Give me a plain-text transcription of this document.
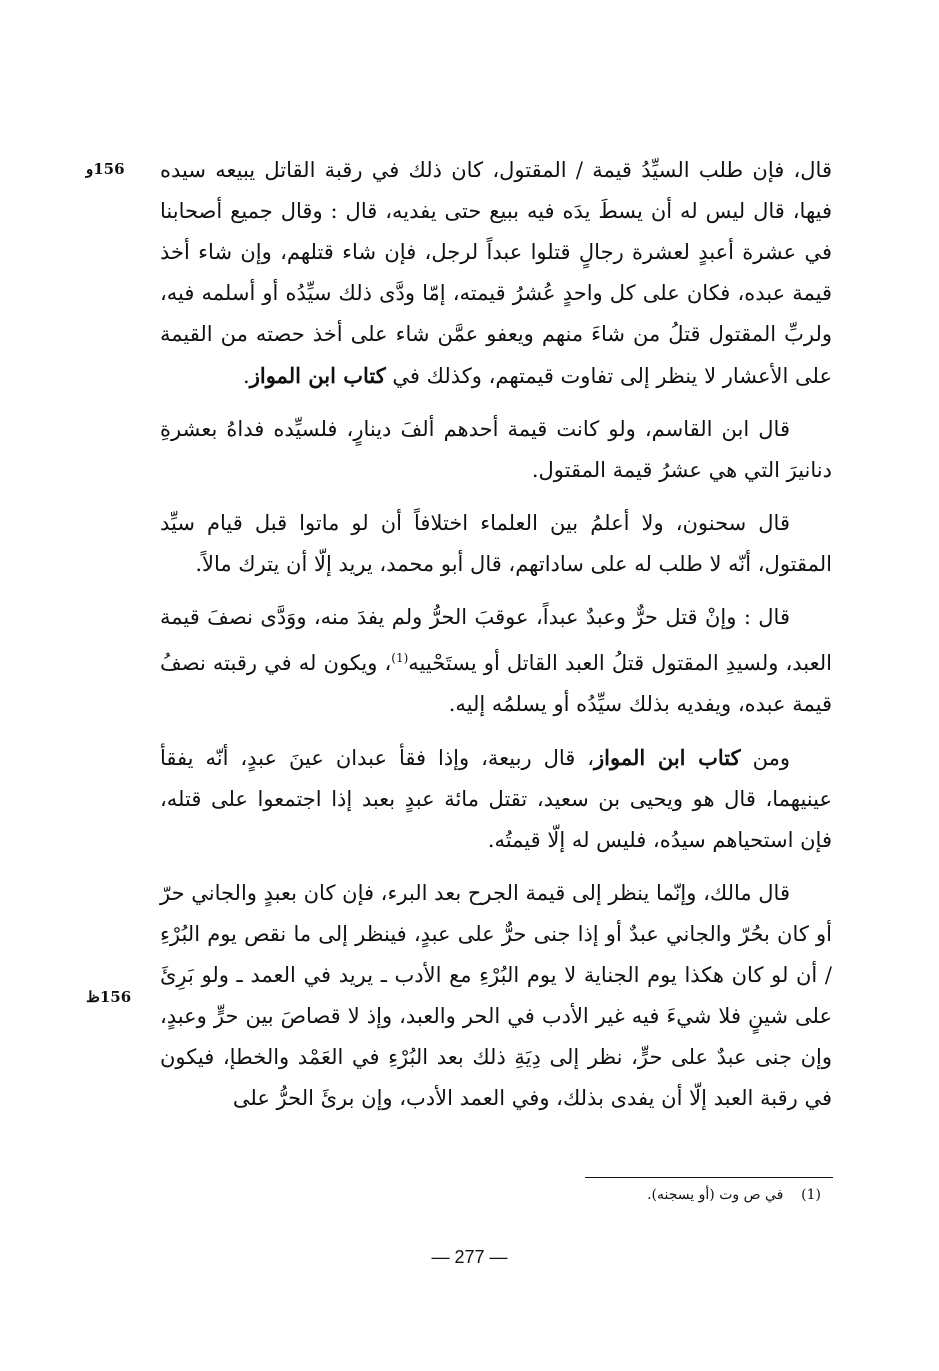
156و
156ظ

قال، فإن طلب السيِّدُ قيمة / المقتول، كان ذلك في رقبة القاتل يبيعه سيده فيها، قال ليس له أن يسطَ يدَه فيه ببيع حتى يفديه، قال : وقال جميع أصحابنا في عشرة أعبدٍ لعشرة رجالٍ قتلوا عبداً لرجل، فإن شاء قتلهم، وإن شاء أخذ قيمة عبده، فكان على كل واحدٍ عُشرُ قيمته، إمّا ودَّى ذلك سيِّدُه أو أسلمه فيه، ولربِّ المقتول قتلُ من شاءَ منهم ويعفو عمَّن شاء على أخذ حصته من القيمة على الأعشار لا ينظر إلى تفاوت قيمتهم، وكذلك في كتاب ابن المواز.

قال ابن القاسم، ولو كانت قيمة أحدهم ألفَ دينارٍ، فلسيِّده فداهُ بعشرةِ دنانيرَ التي هي عشرُ قيمة المقتول.

قال سحنون، ولا أعلمُ بين العلماء اختلافاً أن لو ماتوا قبل قيام سيِّد المقتول، أنّه لا طلب له على ساداتهم، قال أبو محمد، يريد إلّا أن يترك مالاً.

قال : وإنْ قتل حرٌّ وعبدٌ عبداً، عوقبَ الحرُّ ولم يفدَ منه، ووَدَّى نصفَ قيمة العبد، ولسيدِ المقتول قتلُ العبد القاتل أو يستَحْييه$^{(1)}$، ويكون له في رقبته نصفُ قيمة عبده، ويفديه بذلك سيِّدُه أو يسلمُه إليه.

ومن كتاب ابن المواز، قال ربيعة، وإذا فقأ عبدان عينَ عبدٍ، أنّه يفقأ عينيهما، قال هو ويحيى بن سعيد، تقتل مائة عبدٍ بعبد إذا اجتمعوا على قتله، فإن استحياهم سيدُه، فليس له إلّا قيمتُه.

قال مالك، وإنّما ينظر إلى قيمة الجرح بعد البرء، فإن كان بعبدٍ والجاني حرّ أو كان بحُرّ والجاني عبدٌ أو إذا جنى حرٌّ على عبدٍ، فينظر إلى ما نقص يوم البُرْءِ / أن لو كان هكذا يوم الجناية لا يوم البُرْءِ مع الأدب ـ يريد في العمد ـ ولو بَرِئَ على شينٍ فلا شيءَ فيه غير الأدب في الحر والعبد، وإذ لا قصاصَ بين حرٍّ وعبدٍ، وإن جنى عبدٌ على حرٍّ، نظر إلى دِيَةِ ذلك بعد البُرْءِ في العَمْد والخطإ، فيكون في رقبة العبد إلّا أن يفدى بذلك، وفي العمد الأدب، وإن برئَ الحرُّ على

(1)    في ص وت (أو يسجنه).
— 277 —
